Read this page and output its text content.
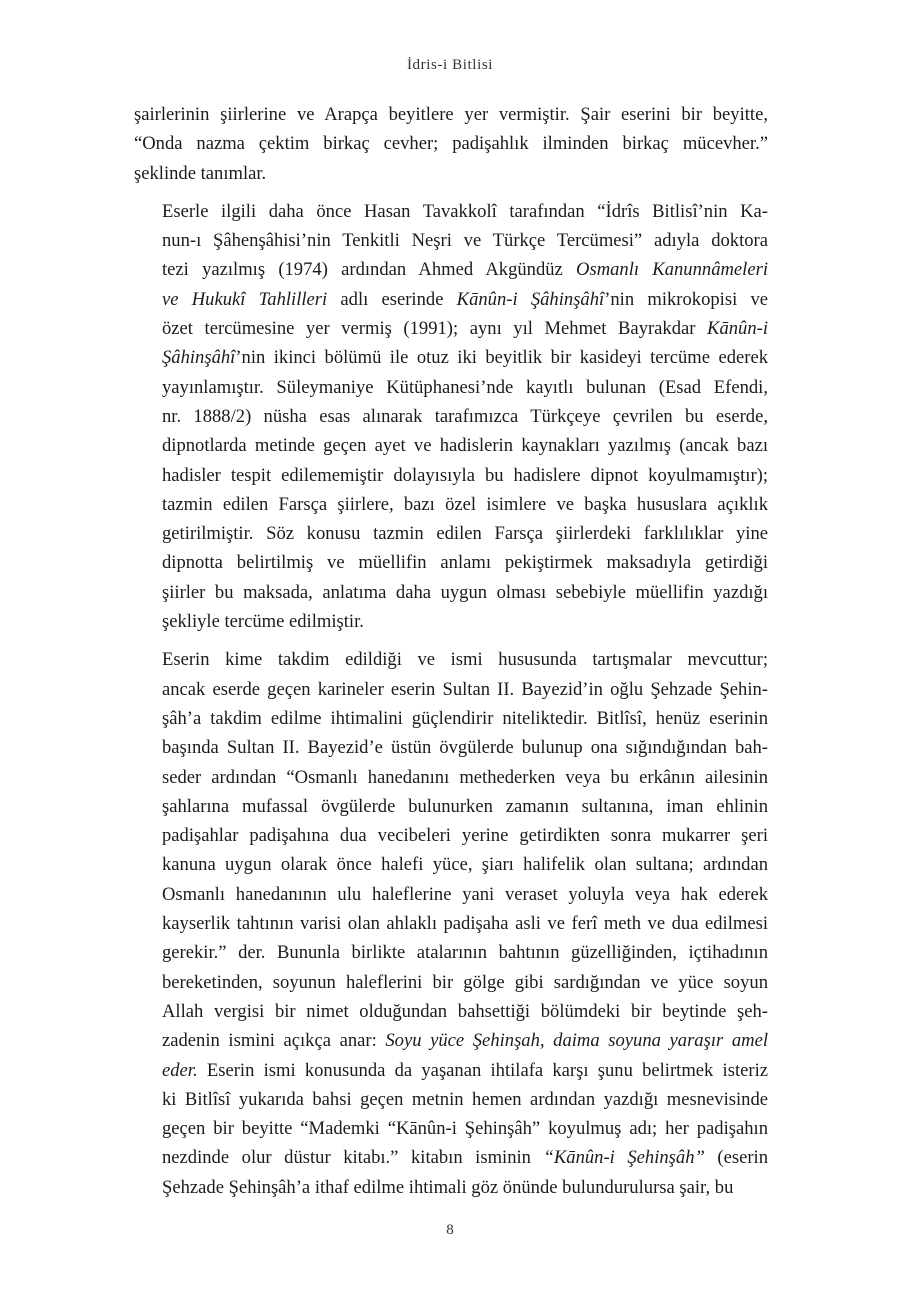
İdris-i Bitlisi

şairlerinin şiirlerine ve Arapça beyitlere yer vermiştir. Şair eserini bir beyitte,
“Onda nazma çektim birkaç cevher; padişahlık ilminden birkaç mücevher.”
şeklinde tanımlar.

Eserle ilgili daha önce Hasan Tavakkolî tarafından “İdrîs Bitlisî’nin Ka-
nun-ı Şâhenşâhisi’nin Tenkitli Neşri ve Türkçe Tercümesi” adıyla doktora
tezi yazılmış (1974) ardından Ahmed Akgündüz Osmanlı Kanunnâmeleri
ve Hukukî Tahlilleri adlı eserinde Kānûn-i Şâhinşâhî’nin mikrokopisi ve
özet tercümesine yer vermiş (1991); aynı yıl Mehmet Bayrakdar Kānûn-i
Şâhinşâhî’nin ikinci bölümü ile otuz iki beyitlik bir kasideyi tercüme ederek
yayınlamıştır. Süleymaniye Kütüphanesi’nde kayıtlı bulunan (Esad Efendi,
nr. 1888/2) nüsha esas alınarak tarafımızca Türkçeye çevrilen bu eserde,
dipnotlarda metinde geçen ayet ve hadislerin kaynakları yazılmış (ancak bazı
hadisler tespit edilememiştir dolayısıyla bu hadislere dipnot koyulmamıştır);
tazmin edilen Farsça şiirlere, bazı özel isimlere ve başka hususlara açıklık
getirilmiştir. Söz konusu tazmin edilen Farsça şiirlerdeki farklılıklar yine
dipnotta belirtilmiş ve müellifin anlamı pekiştirmek maksadıyla getirdiği
şiirler bu maksada, anlatıma daha uygun olması sebebiyle müellifin yazdığı
şekliyle tercüme edilmiştir.

Eserin kime takdim edildiği ve ismi hususunda tartışmalar mevcuttur;
ancak eserde geçen karineler eserin Sultan II. Bayezid’in oğlu Şehzade Şehin-
şâh’a takdim edilme ihtimalini güçlendirir niteliktedir. Bitlîsî, henüz eserinin
başında Sultan II. Bayezid’e üstün övgülerde bulunup ona sığındığından bah-
seder ardından “Osmanlı hanedanını methederken veya bu erkânın ailesinin
şahlarına mufassal övgülerde bulunurken zamanın sultanına, iman ehlinin
padişahlar padişahına dua vecibeleri yerine getirdikten sonra mukarrer şeri
kanuna uygun olarak önce halefi yüce, şiarı halifelik olan sultana; ardından
Osmanlı hanedanının ulu haleflerine yani veraset yoluyla veya hak ederek
kayserlik tahtının varisi olan ahlaklı padişaha asli ve ferî meth ve dua edilmesi
gerekir.” der. Bununla birlikte atalarının bahtının güzelliğinden, içtihadının
bereketinden, soyunun haleflerini bir gölge gibi sardığından ve yüce soyun
Allah vergisi bir nimet olduğundan bahsettiği bölümdeki bir beytinde şeh-
zadenin ismini açıkça anar: Soyu yüce Şehinşah, daima soyuna yaraşır amel
eder. Eserin ismi konusunda da yaşanan ihtilafa karşı şunu belirtmek isteriz
ki Bitlîsî yukarıda bahsi geçen metnin hemen ardından yazdığı mesnevisinde
geçen bir beyitte “Mademki “Kānûn-i Şehinşâh” koyulmuş adı; her padişahın
nezdinde olur düstur kitabı.” kitabın isminin “Kānûn-i Şehinşâh” (eserin
Şehzade Şehinşâh’a ithaf edilme ihtimali göz önünde bulundurulursa şair, bu

8
